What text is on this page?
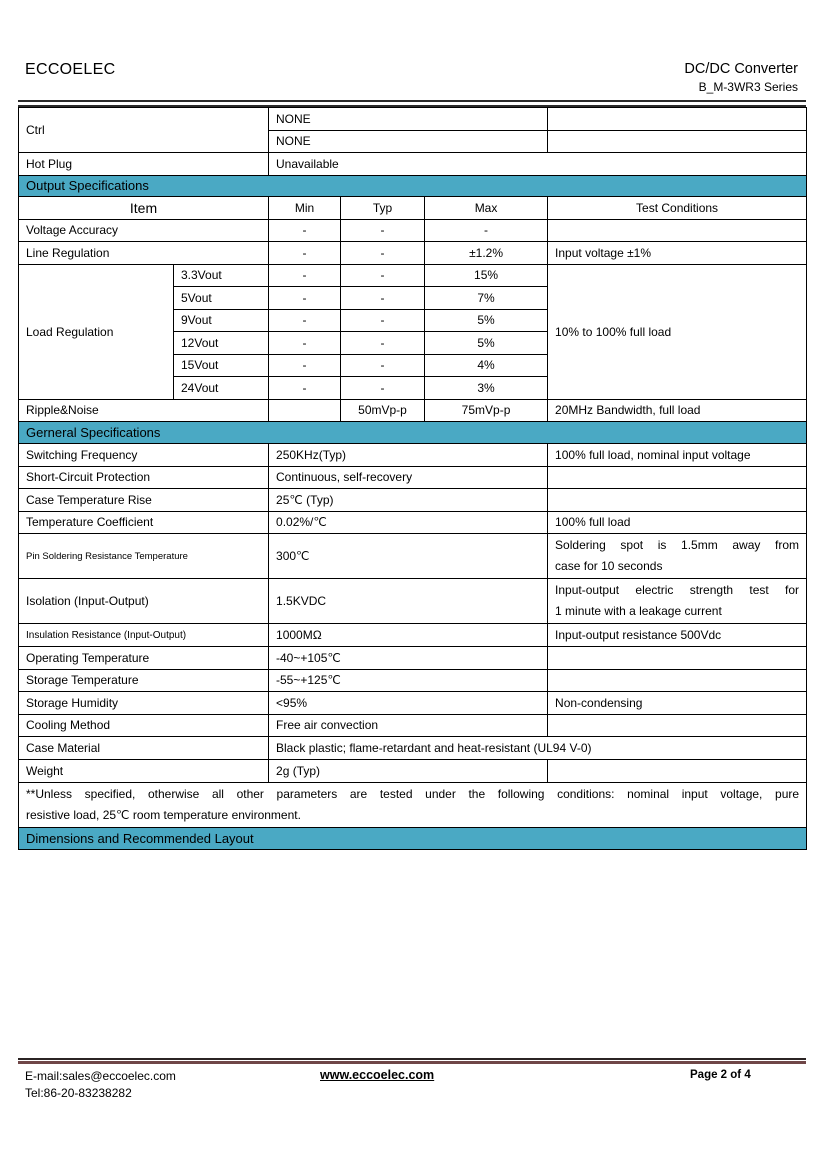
ECCOELEC	DC/DC Converter
B_M-3WR3 Series
Ctrl		NONE			
		NONE			
Hot Plug		Unavailable			
Output Specifications					
Item		Min	Typ	Max	Test Conditions
Voltage Accuracy		-	-	-	
Line Regulation		-	-	±1.2%	Input voltage ±1%
Load Regulation	3.3Vout	-	-	15%	10% to 100% full load
	5Vout	-	-	7%	
	9Vout	-	-	5%	
	12Vout	-	-	5%	
	15Vout	-	-	4%	
	24Vout	-	-	3%	
Ripple&Noise			50mVp-p	75mVp-p	20MHz Bandwidth, full load
Gerneral Specifications					
Switching Frequency		250KHz(Typ)			100% full load, nominal input voltage
Short-Circuit Protection		Continuous, self-recovery			
Case Temperature Rise		25℃ (Typ)			
Temperature Coefficient		0.02%/℃			100% full load
Pin Soldering Resistance Temperature		300℃			Soldering spot is 1.5mm away from
case for 10 seconds

Isolation (Input-Output)		1.5KVDC			Input-output electric strength test for
1 minute with a leakage current

Insulation Resistance (Input-Output)		1000MΩ			Input-output resistance 500Vdc
Operating Temperature		-40~+105℃			
Storage Temperature		-55~+125℃			
Storage Humidity		<95%			Non-condensing
Cooling Method		Free air convection			
Case Material		Black plastic; flame-retardant and heat-resistant (UL94 V-0)			
Weight		2g (Typ)			

**Unless specified, otherwise all other parameters are tested under the following conditions: nominal input voltage, pure
resistive load, 25℃ room temperature environment.					

Dimensions and Recommended Layout					
E-mail:sales@eccoelec.com
Tel:86-20-83238282
www.eccoelec.com	Page 2 of 4
